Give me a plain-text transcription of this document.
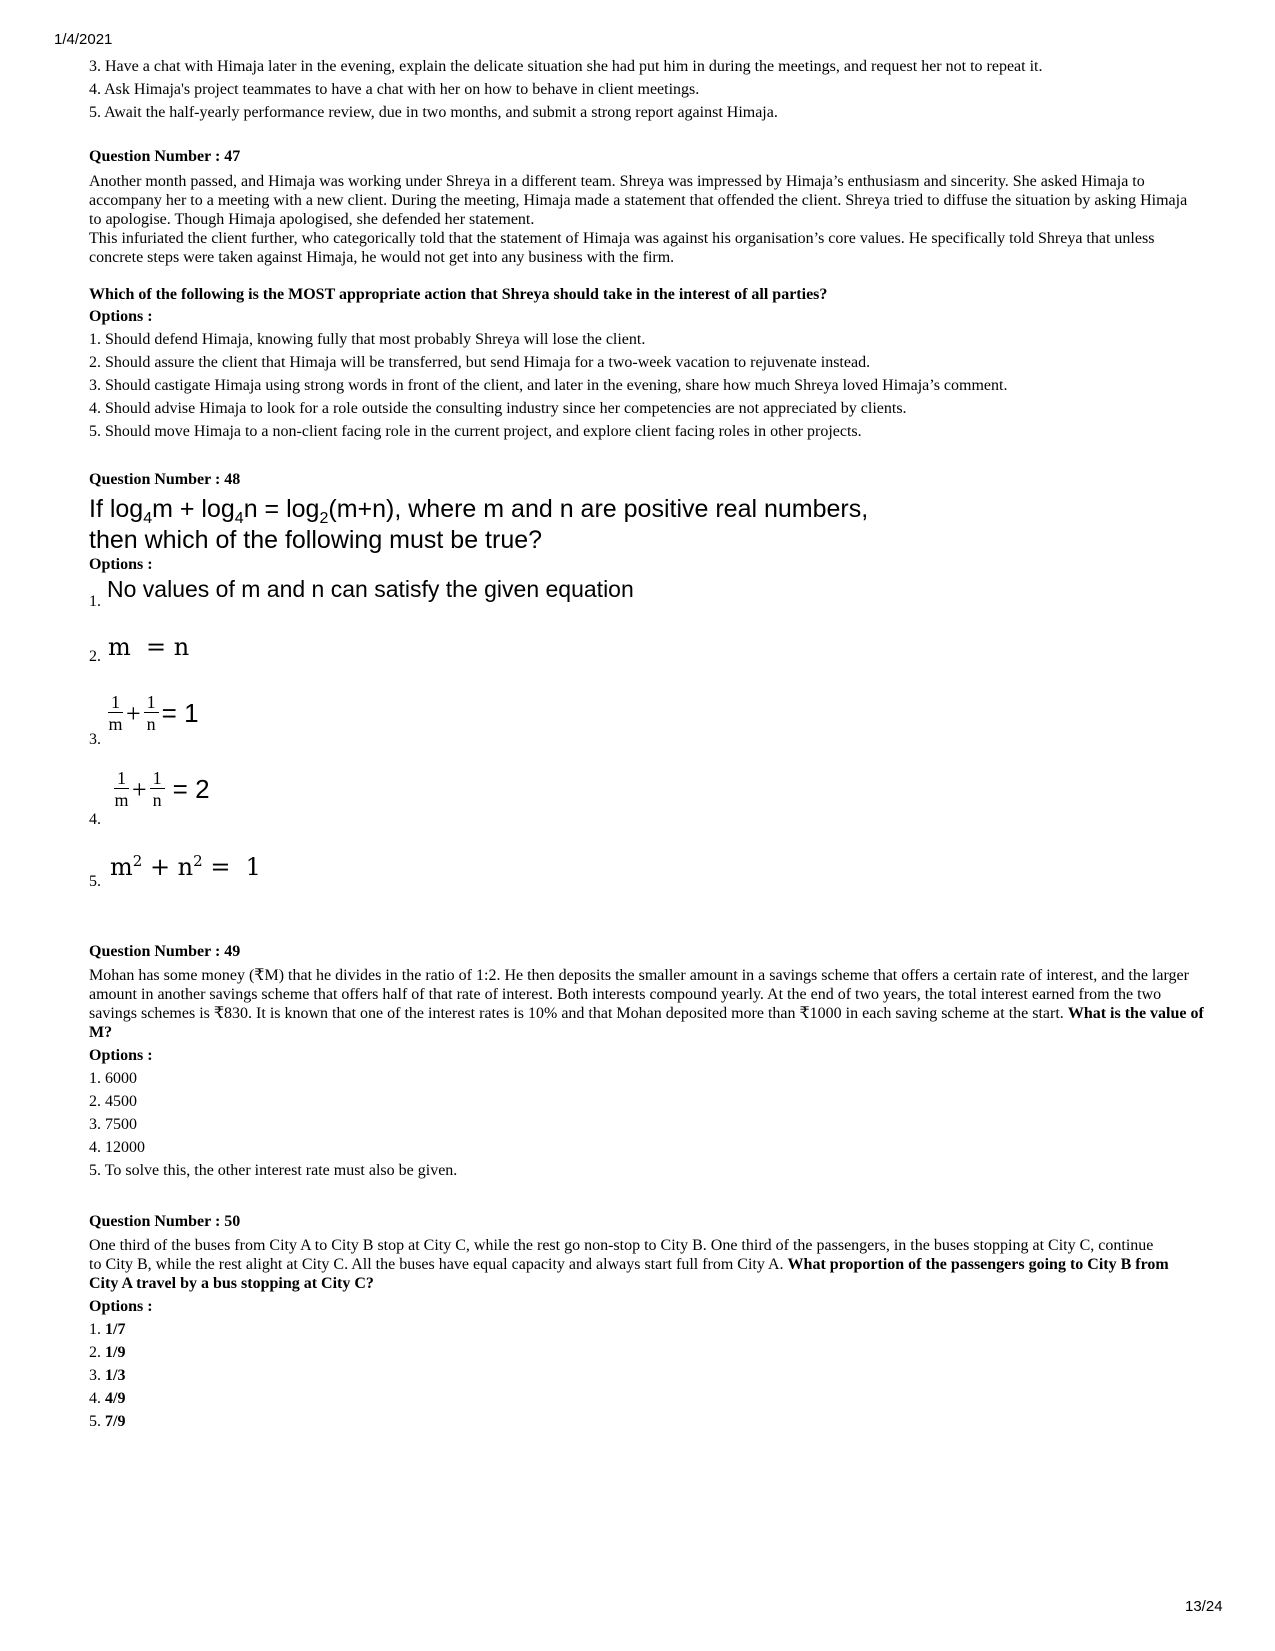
1/4/2021
3. Have a chat with Himaja later in the evening, explain the delicate situation she had put him in during the meetings, and request her not to repeat it.
4. Ask Himaja's project teammates to have a chat with her on how to behave in client meetings.
5. Await the half-yearly performance review, due in two months, and submit a strong report against Himaja.
Question Number : 47
Another month passed, and Himaja was working under Shreya in a different team. Shreya was impressed by Himaja’s enthusiasm and sincerity. She asked Himaja to accompany her to a meeting with a new client. During the meeting, Himaja made a statement that offended the client. Shreya tried to diffuse the situation by asking Himaja to apologise. Though Himaja apologised, she defended her statement.
This infuriated the client further, who categorically told that the statement of Himaja was against his organisation’s core values. He specifically told Shreya that unless concrete steps were taken against Himaja, he would not get into any business with the firm.
Which of the following is the MOST appropriate action that Shreya should take in the interest of all parties?
Options :
1. Should defend Himaja, knowing fully that most probably Shreya will lose the client.
2. Should assure the client that Himaja will be transferred, but send Himaja for a two-week vacation to rejuvenate instead.
3. Should castigate Himaja using strong words in front of the client, and later in the evening, share how much Shreya loved Himaja’s comment.
4. Should advise Himaja to look for a role outside the consulting industry since her competencies are not appreciated by clients.
5. Should move Himaja to a non-client facing role in the current project, and explore client facing roles in other projects.
Question Number : 48
If $\log_4m + \log_4n = \log_2(m+n)$, where m and n are positive real numbers,
then which of the following must be true?
Options :
1. No values of m and n can satisfy the given equation
2. m  = n
3.
$\frac{1}{m} + \frac{1}{n} = 1$
4.
$\frac{1}{m} + \frac{1}{n} = 2$
5.
$m^2 + n^2 = 1$
Question Number : 49
Mohan has some money (₹M) that he divides in the ratio of 1:2. He then deposits the smaller amount in a savings scheme that offers a certain rate of interest, and the larger amount in another savings scheme that offers half of that rate of interest. Both interests compound yearly. At the end of two years, the total interest earned from the two savings schemes is ₹830. It is known that one of the interest rates is 10% and that Mohan deposited more than ₹1000 in each saving scheme at the start. What is the value of M?
Options :
1. 6000
2. 4500
3. 7500
4. 12000
5. To solve this, the other interest rate must also be given.
Question Number : 50
One third of the buses from City A to City B stop at City C, while the rest go non-stop to City B. One third of the passengers, in the buses stopping at City C, continue to City B, while the rest alight at City C. All the buses have equal capacity and always start full from City A. What proportion of the passengers going to City B from City A travel by a bus stopping at City C?
Options :
1. 1/7
2. 1/9
3. 1/3
4. 4/9
5. 7/9
13/24
